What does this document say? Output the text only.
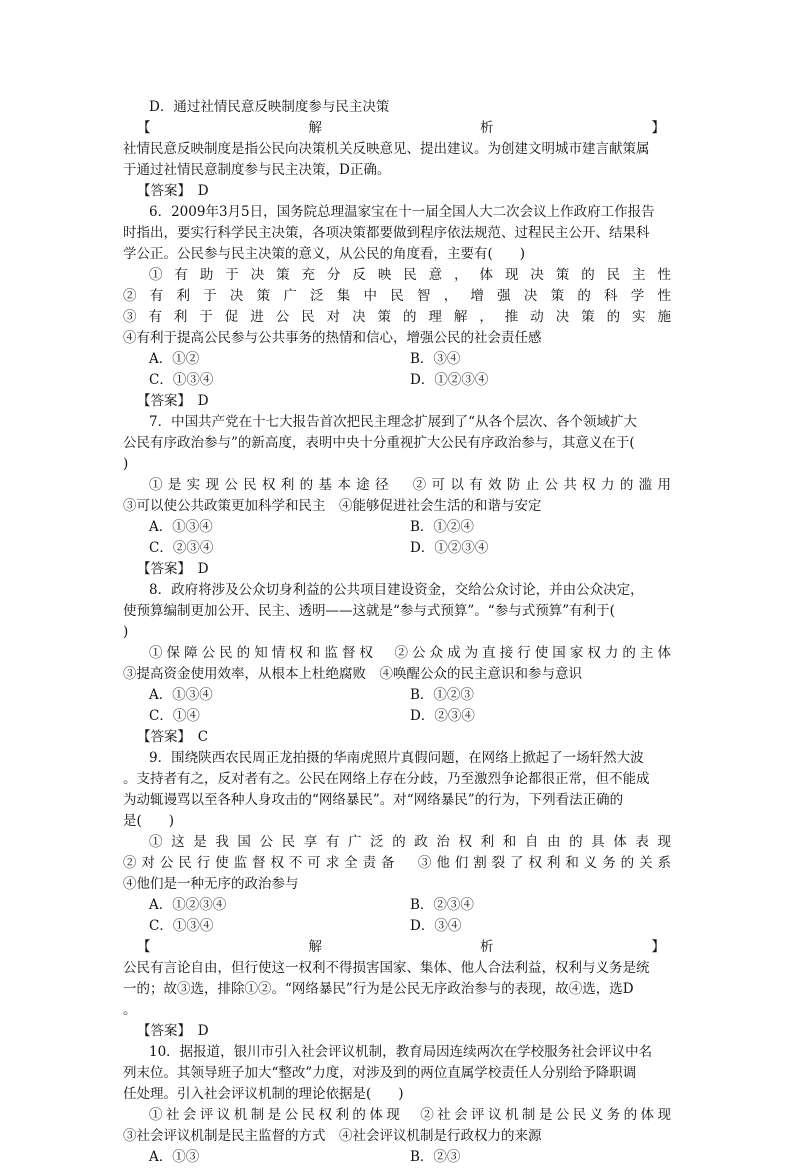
D．通过社情民意反映制度参与民主决策
【	解	析	】
社情民意反映制度是指公民向决策机关反映意见、提出建议。为创建文明城市建言献策属
于通过社情民意制度参与民主决策，D正确。
【答案】　D
6．2009年3月5日，国务院总理温家宝在十一届全国人大二次会议上作政府工作报告
时指出，要实行科学民主决策，各项决策都要做到程序依法规范、过程民主公开、结果科
学公正。公民参与民主决策的意义，从公民的角度看，主要有(　　)
①有助于决策充分反映民意，体现决策的民主性
②有利于决策广泛集中民智，增强决策的科学性
③有利于促进公民对决策的理解，推动决策的实施
④有利于提高公民参与公共事务的热情和信心，增强公民的社会责任感
A．①②	B．③④
C．①③④	D．①②③④
【答案】　D
7．中国共产党在十七大报告首次把民主理念扩展到了“从各个层次、各个领域扩大
公民有序政治参与”的新高度，表明中央十分重视扩大公民有序政治参与，其意义在于(
)
①是实现公民权利的基本途径　②可以有效防止公共权力的滥用
③可以使公共政策更加科学和民主　④能够促进社会生活的和谐与安定
A．①③④	B．①②④
C．②③④	D．①②③④
【答案】　D
8．政府将涉及公众切身利益的公共项目建设资金，交给公众讨论，并由公众决定，
使预算编制更加公开、民主、透明——这就是“参与式预算”。“参与式预算”有利于(
)
①保障公民的知情权和监督权　②公众成为直接行使国家权力的主体
③提高资金使用效率，从根本上杜绝腐败　④唤醒公众的民主意识和参与意识
A．①③④	B．①②③
C．①④	D．②③④
【答案】　C
9．围绕陕西农民周正龙拍摄的华南虎照片真假问题，在网络上掀起了一场轩然大波
。支持者有之，反对者有之。公民在网络上存在分歧，乃至激烈争论都很正常，但不能成
为动辄谩骂以至各种人身攻击的“网络暴民”。对“网络暴民”的行为，下列看法正确的
是(　　)
①这是我国公民享有广泛的政治权利和自由的具体表现
②对公民行使监督权不可求全责备　③他们割裂了权利和义务的关系
④他们是一种无序的政治参与
A．①②③④	B．②③④
C．①③④	D．③④
【	解	析	】
公民有言论自由，但行使这一权利不得损害国家、集体、他人合法利益，权利与义务是统
一的；故③选，排除①②。“网络暴民”行为是公民无序政治参与的表现，故④选，选D
。
【答案】　D
10．据报道，银川市引入社会评议机制，教育局因连续两次在学校服务社会评议中名
列末位。其领导班子加大“整改”力度，对涉及到的两位直属学校责任人分别给予降职调
任处理。引入社会评议机制的理论依据是(　　)
①社会评议机制是公民权利的体现　②社会评议机制是公民义务的体现
③社会评议机制是民主监督的方式　④社会评议机制是行政权力的来源
A．①③	B．②③
